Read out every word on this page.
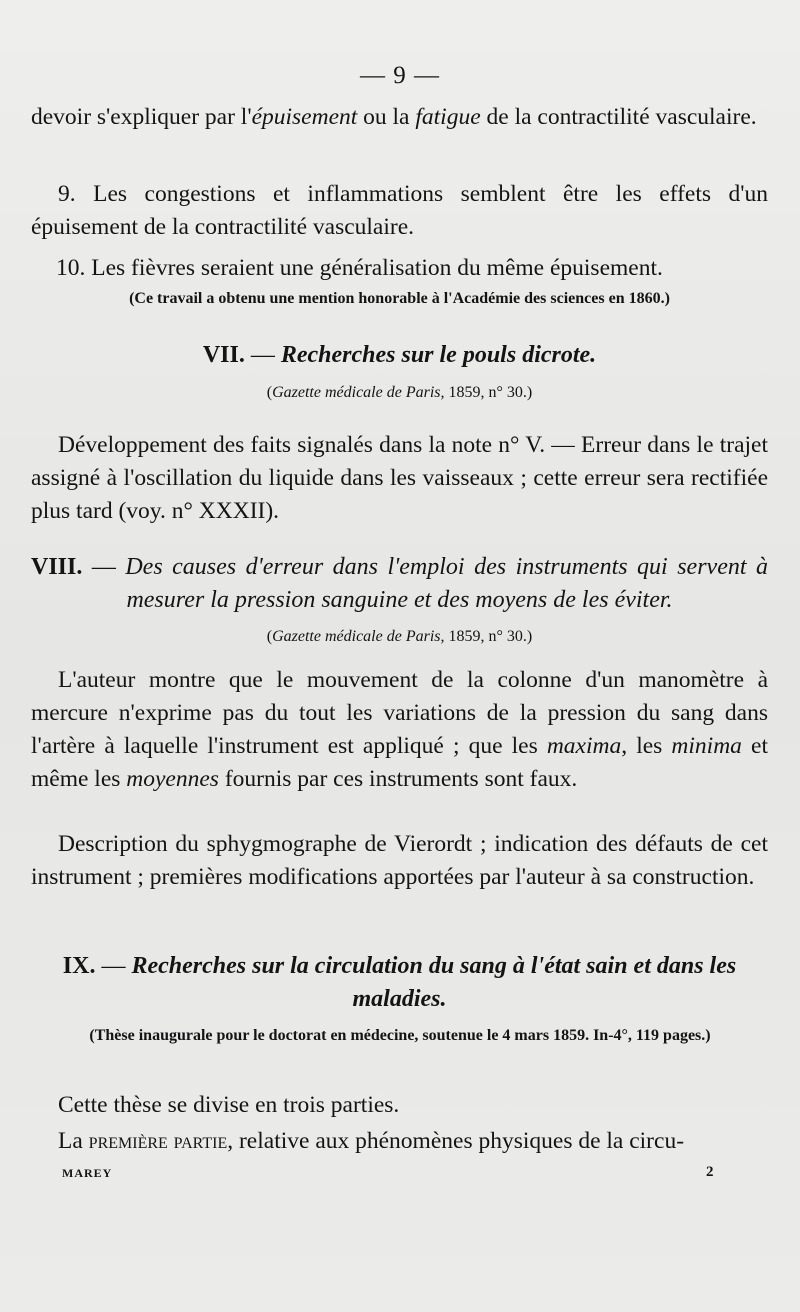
— 9 —
devoir s'expliquer par l'épuisement ou la fatigue de la contractilité vasculaire.
9. Les congestions et inflammations semblent être les effets d'un épuisement de la contractilité vasculaire.
10. Les fièvres seraient une généralisation du même épuisement.
(Ce travail a obtenu une mention honorable à l'Académie des sciences en 1860.)
VII. — Recherches sur le pouls dicrote.
(Gazette médicale de Paris, 1859, n° 30.)
Développement des faits signalés dans la note n° V. — Erreur dans le trajet assigné à l'oscillation du liquide dans les vaisseaux ; cette erreur sera rectifiée plus tard (voy. n° XXXII).
VIII. — Des causes d'erreur dans l'emploi des instruments qui servent à mesurer la pression sanguine et des moyens de les éviter.
(Gazette médicale de Paris, 1859, n° 30.)
L'auteur montre que le mouvement de la colonne d'un manomètre à mercure n'exprime pas du tout les variations de la pression du sang dans l'artère à laquelle l'instrument est appliqué ; que les maxima, les minima et même les moyennes fournis par ces instruments sont faux.
Description du sphygmographe de Vierordt ; indication des défauts de cet instrument ; premières modifications apportées par l'auteur à sa construction.
IX. — Recherches sur la circulation du sang à l'état sain et dans les maladies.
(Thèse inaugurale pour le doctorat en médecine, soutenue le 4 mars 1859. In-4°, 119 pages.)
Cette thèse se divise en trois parties.
La première partie, relative aux phénomènes physiques de la circu-
MAREY	2
